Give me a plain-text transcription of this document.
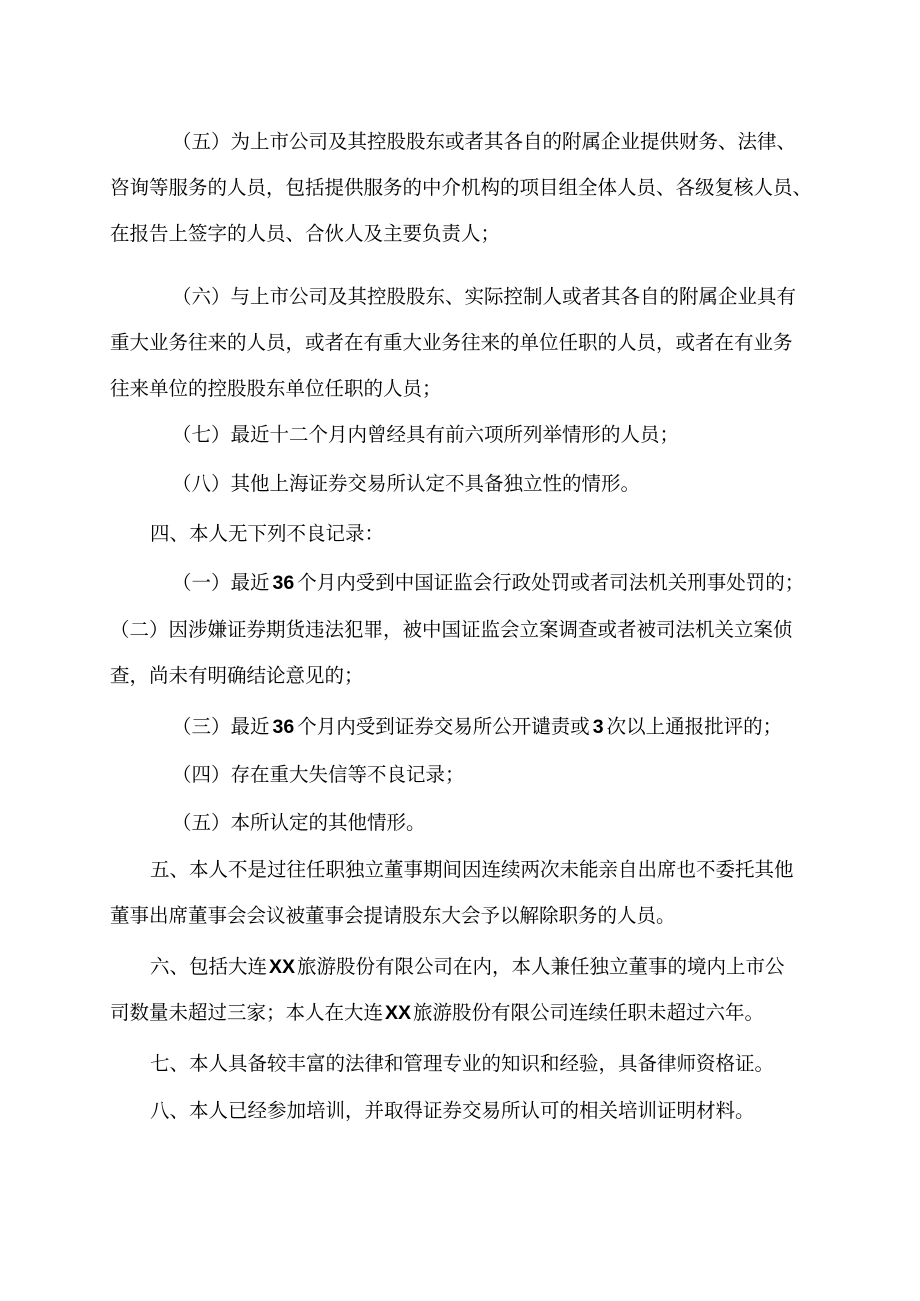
（五）为上市公司及其控股股东或者其各自的附属企业提供财务、法律、
咨询等服务的人员，包括提供服务的中介机构的项目组全体人员、各级复核人员、
在报告上签字的人员、合伙人及主要负责人；
（六）与上市公司及其控股股东、实际控制人或者其各自的附属企业具有
重大业务往来的人员，或者在有重大业务往来的单位任职的人员，或者在有业务
往来单位的控股股东单位任职的人员；
（七）最近十二个月内曾经具有前六项所列举情形的人员；
（八）其他上海证券交易所认定不具备独立性的情形。
四、本人无下列不良记录：
（一）最近 36 个月内受到中国证监会行政处罚或者司法机关刑事处罚的；
（二）因涉嫌证券期货违法犯罪，被中国证监会立案调查或者被司法机关立案侦
查，尚未有明确结论意见的；
（三）最近 36 个月内受到证券交易所公开谴责或 3 次以上通报批评的；
（四）存在重大失信等不良记录；
（五）本所认定的其他情形。
五、本人不是过往任职独立董事期间因连续两次未能亲自出席也不委托其他
董事出席董事会会议被董事会提请股东大会予以解除职务的人员。
六、包括大连 XX 旅游股份有限公司在内，本人兼任独立董事的境内上市公
司数量未超过三家；本人在大连 XX 旅游股份有限公司连续任职未超过六年。
七、本人具备较丰富的法律和管理专业的知识和经验，具备律师资格证。
八、本人已经参加培训，并取得证券交易所认可的相关培训证明材料。
